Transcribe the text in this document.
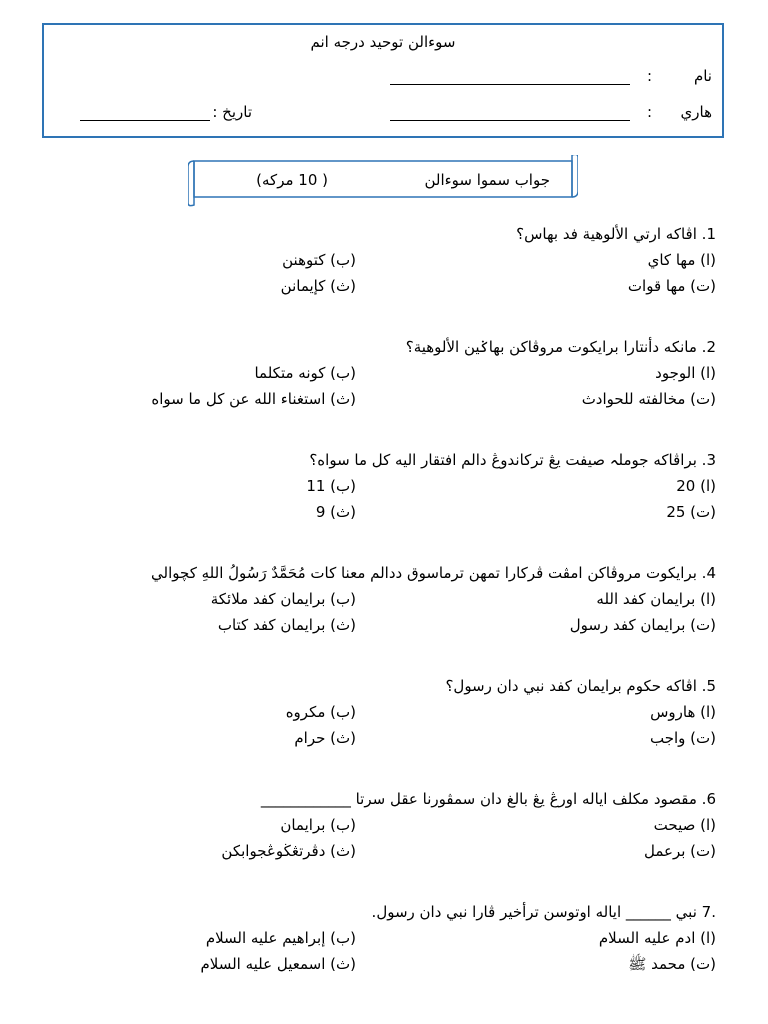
سوءالن توحيد درجه انم
نام
:
هاري
:
تاريخ :
جواب سموا سوءالن
( 10 مركه)
1. اڤاكه ارتي الألوهية فد بهاس؟
(ا) مها كاي
(ب) كتوهنن
(ت) مها قوات
(ث) كإيمانن
2. مانكه دأنتارا برايكوت مروڤاكن بهاݢين الألوهية؟
(ا) الوجود
(ب) كونه متكلما
(ت) مخالفته للحوادث
(ث) استغناء الله عن كل ما سواه
3. براڤاكه جوملہ صيفت يڠ تركاندوڠ دالم افتقار اليه كل ما سواه؟
(ا) 20
(ب) 11
(ت) 25
(ث) 9
4. برايكوت مروڤاكن امڤت ڤركارا تمهن ترماسوق ددالم معنا كات مُحَمَّدٌ رَسُولُ اللهِ كچوالي
(ا) برايمان كفد الله
(ب) برايمان كفد ملائكة
(ت) برايمان كفد رسول
(ث) برايمان كفد كتاب
5. اڤاكه حكوم برايمان كفد نبي دان رسول؟
(ا) هاروس
(ب) مكروه
(ت) واجب
(ث) حرام
6. مقصود مكلف اياله اورڠ يڠ بالغ دان سمڤورنا عقل سرتا ____________
(ا) صيحت
(ب) برايمان
(ت) برعمل
(ث) دڤرتڠڬوڠجوابكن
.7 نبي ______ اياله اوتوسن ترأخير ڤارا نبي دان رسول.
(ا) ادم عليه السلام
(ب) إبراهيم عليه السلام
(ت) محمد ﷺ
(ث) اسمعيل عليه السلام
